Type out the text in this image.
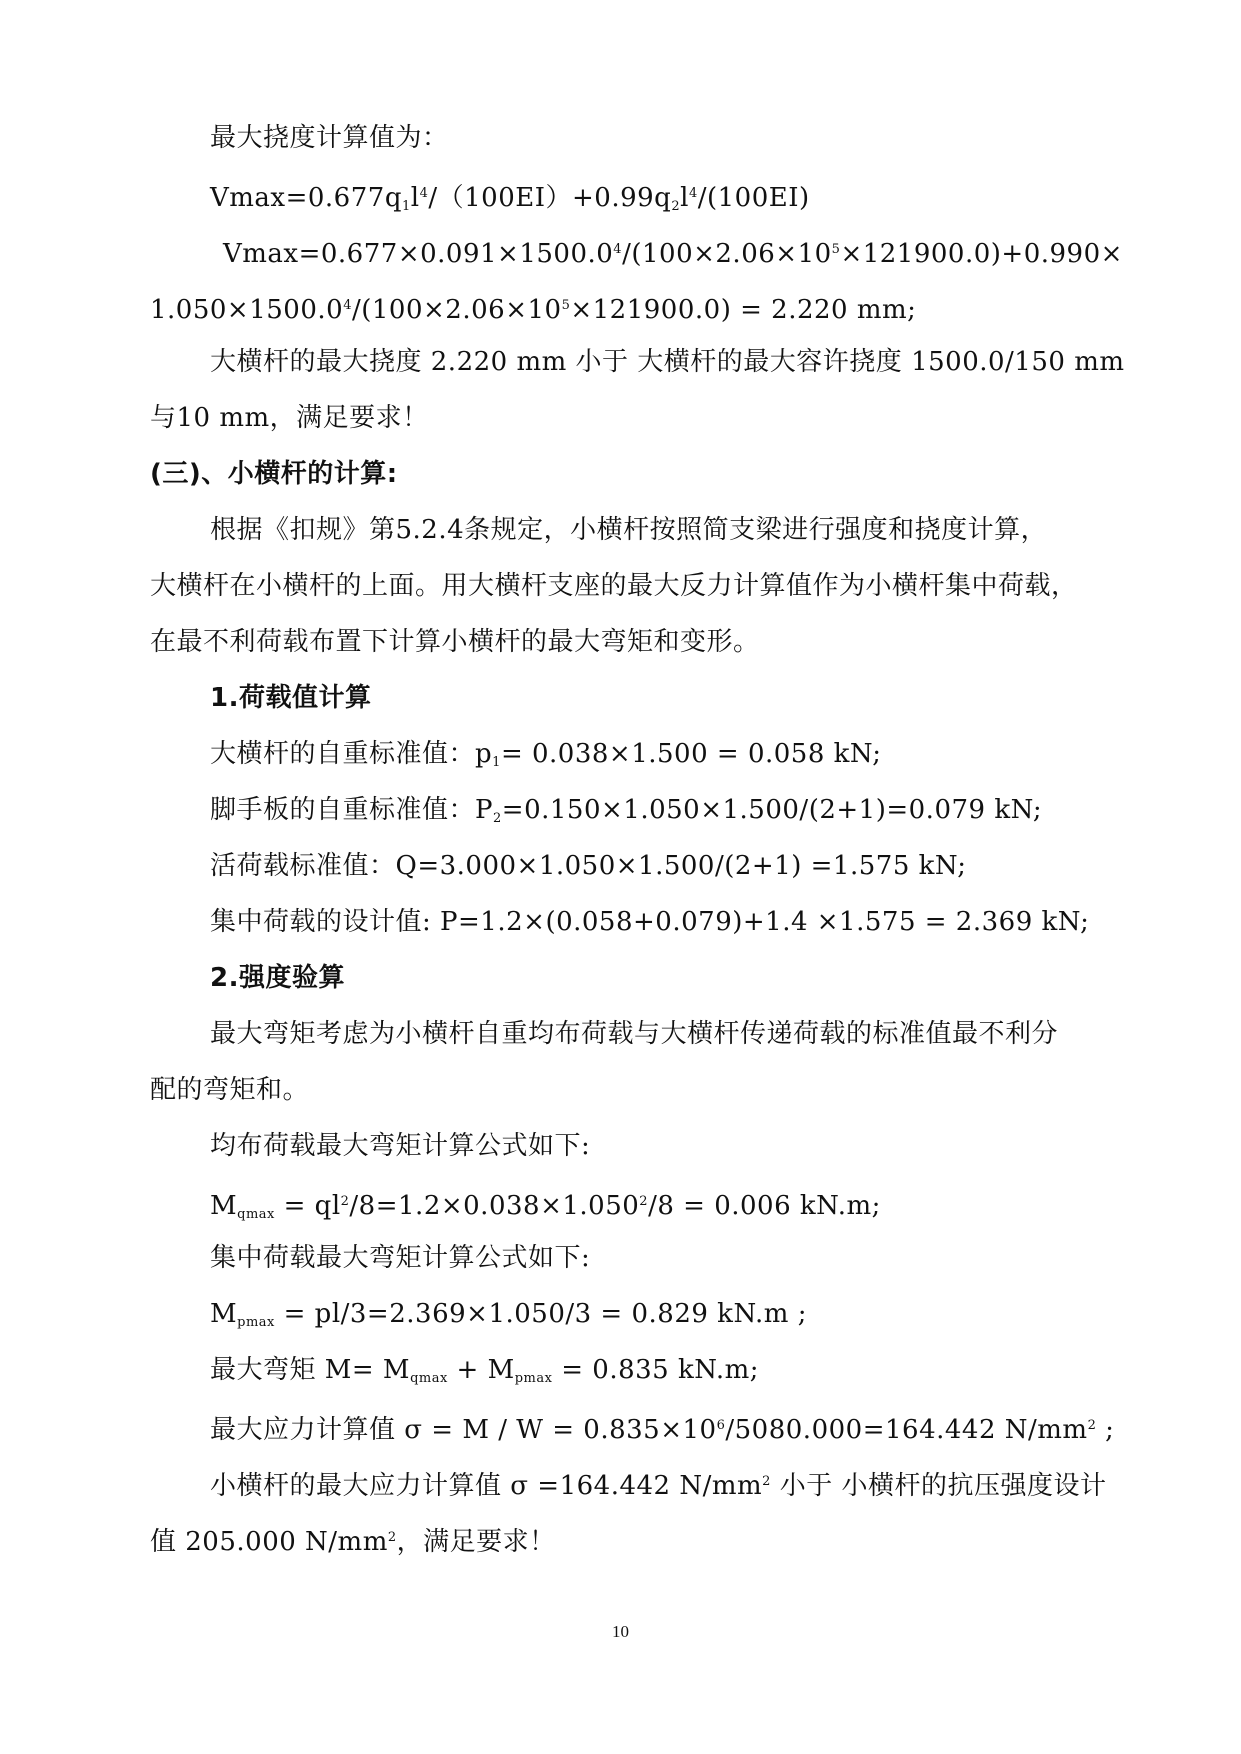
最大挠度计算值为：
$Vmax=0.677q_1l^4/(100EI)+0.99q_2l^4/(100EI)$
$Vmax=0.677\times 0.091\times 1500.0^4/(100\times 2.06\times 10^5\times 121900.0)+0.990\times$
$1.050\times 1500.0^4/(100\times 2.06\times 10^5\times 121900.0) = 2.220$ mm;
大横杆的最大挠度 2.220 mm 小于 大横杆的最大容许挠度 1500.0/150 mm
与10 mm，满足要求！
(三)、小横杆的计算:
根据《扣规》第5.2.4条规定，小横杆按照简支梁进行强度和挠度计算，
大横杆在小横杆的上面。用大横杆支座的最大反力计算值作为小横杆集中荷载，
在最不利荷载布置下计算小横杆的最大弯矩和变形。
1.荷载值计算
大横杆的自重标准值：$p_1= 0.038\times 1.500 = 0.058$ kN;
脚手板的自重标准值：$P_2=0.150\times 1.050\times 1.500/(2+1)=0.079$ kN;
活荷载标准值：Q=3.000×1.050×1.500/(2+1) =1.575 kN;
集中荷载的设计值: P=1.2×(0.058+0.079)+1.4 ×1.575 = 2.369 kN;
2.强度验算
最大弯矩考虑为小横杆自重均布荷载与大横杆传递荷载的标准值最不利分
配的弯矩和。
均布荷载最大弯矩计算公式如下:
$M_{qmax} = ql^2/8=1.2\times 0.038\times 1.050^2/8 = 0.006$ kN.m;
集中荷载最大弯矩计算公式如下:
$M_{pmax} = pl/3=2.369\times 1.050/3 = 0.829$ kN.m ;
最大弯矩 $M= M_{qmax} + M_{pmax} = 0.835$ kN.m;
最大应力计算值 $\sigma = M / W = 0.835\times 10^6/5080.000=164.442$ $N/mm^2$ ;
小横杆的最大应力计算值 σ =164.442 $N/mm^2$ 小于 小横杆的抗压强度设计
值 205.000 $N/mm^2$，满足要求！
10
